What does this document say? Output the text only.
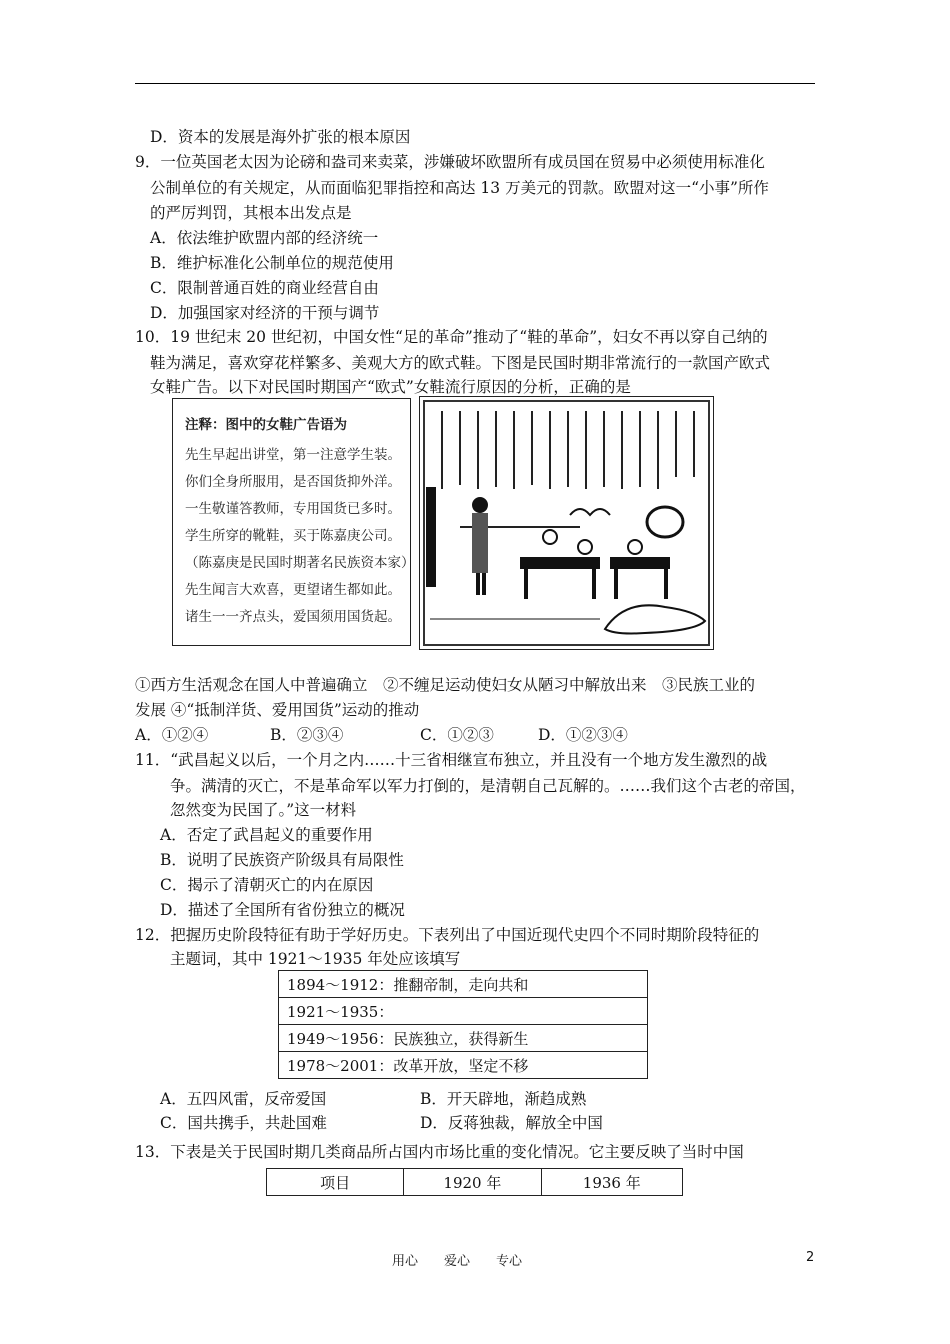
D．资本的发展是海外扩张的根本原因
9．一位英国老太因为论磅和盎司来卖菜，涉嫌破坏欧盟所有成员国在贸易中必须使用标准化
公制单位的有关规定，从而面临犯罪指控和高达 13 万美元的罚款。欧盟对这一“小事”所作
的严厉判罚，其根本出发点是
A．依法维护欧盟内部的经济统一
B．维护标准化公制单位的规范使用
C．限制普通百姓的商业经营自由
D．加强国家对经济的干预与调节
10．19 世纪末 20 世纪初，中国女性“足的革命”推动了“鞋的革命”，妇女不再以穿自己纳的
鞋为满足，喜欢穿花样繁多、美观大方的欧式鞋。下图是民国时期非常流行的一款国产欧式
女鞋广告。以下对民国时期国产“欧式”女鞋流行原因的分析，正确的是
注释：图中的女鞋广告语为
先生早起出讲堂，第一注意学生装。
你们全身所服用，是否国货抑外洋。
一生敬谨答教师，专用国货已多时。
学生所穿的靴鞋，买于陈嘉庚公司。
（陈嘉庚是民国时期著名民族资本家）
先生闻言大欢喜，更望诸生都如此。
诸生一一齐点头，爱国须用国货起。
①西方生活观念在国人中普遍确立　②不缠足运动使妇女从陋习中解放出来　③民族工业的
发展 ④“抵制洋货、爱用国货”运动的推动
A．①②④	B．②③④	C．①②③	D．①②③④
11．“武昌起义以后，一个月之内……十三省相继宣布独立，并且没有一个地方发生激烈的战
争。满清的灭亡，不是革命军以军力打倒的，是清朝自己瓦解的。……我们这个古老的帝国，
忽然变为民国了。”这一材料
A．否定了武昌起义的重要作用
B．说明了民族资产阶级具有局限性
C．揭示了清朝灭亡的内在原因
D．描述了全国所有省份独立的概况
12．把握历史阶段特征有助于学好历史。下表列出了中国近现代史四个不同时期阶段特征的
主题词，其中 1921～1935 年处应该填写
1894～1912：推翻帝制，走向共和
1921～1935：
1949～1956：民族独立，获得新生
1978～2001：改革开放，坚定不移
A．五四风雷，反帝爱国	B．开天辟地，渐趋成熟
C．国共携手，共赴国难	D．反蒋独裁，解放全中国
13．下表是关于民国时期几类商品所占国内市场比重的变化情况。它主要反映了当时中国
项目	1920 年	1936 年
用心　　爱心　　专心	2
